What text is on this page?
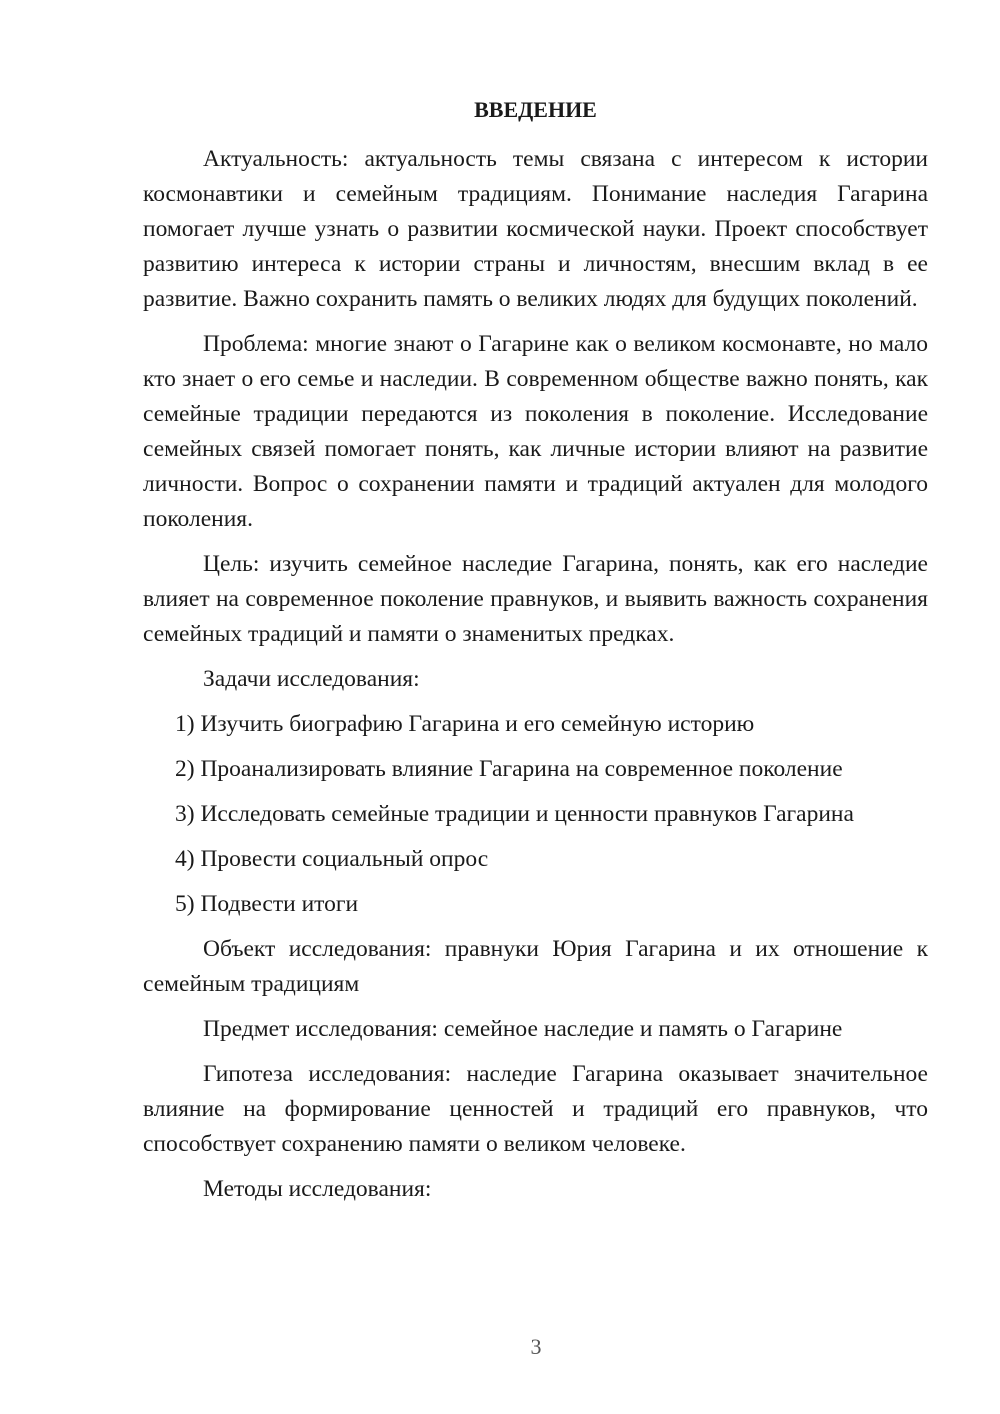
ВВЕДЕНИЕ

Актуальность: актуальность темы связана с интересом к истории космонавтики и семейным традициям. Понимание наследия Гагарина помогает лучше узнать о развитии космической науки. Проект способствует развитию интереса к истории страны и личностям, внесшим вклад в ее развитие. Важно сохранить память о великих людях для будущих поколений.

Проблема: многие знают о Гагарине как о великом космонавте, но мало кто знает о его семье и наследии. В современном обществе важно понять, как семейные традиции передаются из поколения в поколение. Исследование семейных связей помогает понять, как личные истории влияют на развитие личности. Вопрос о сохранении памяти и традиций актуален для молодого поколения.

Цель: изучить семейное наследие Гагарина, понять, как его наследие влияет на современное поколение правнуков, и выявить важность сохранения семейных традиций и памяти о знаменитых предках.

Задачи исследования:

1) Изучить биографию Гагарина и его семейную историю

2) Проанализировать влияние Гагарина на современное поколение

3) Исследовать семейные традиции и ценности правнуков Гагарина

4) Провести социальный опрос

5) Подвести итоги

Объект исследования: правнуки Юрия Гагарина и их отношение к семейным традициям

Предмет исследования: семейное наследие и память о Гагарине

Гипотеза исследования: наследие Гагарина оказывает значительное влияние на формирование ценностей и традиций его правнуков, что способствует сохранению памяти о великом человеке.

Методы исследования:

3
